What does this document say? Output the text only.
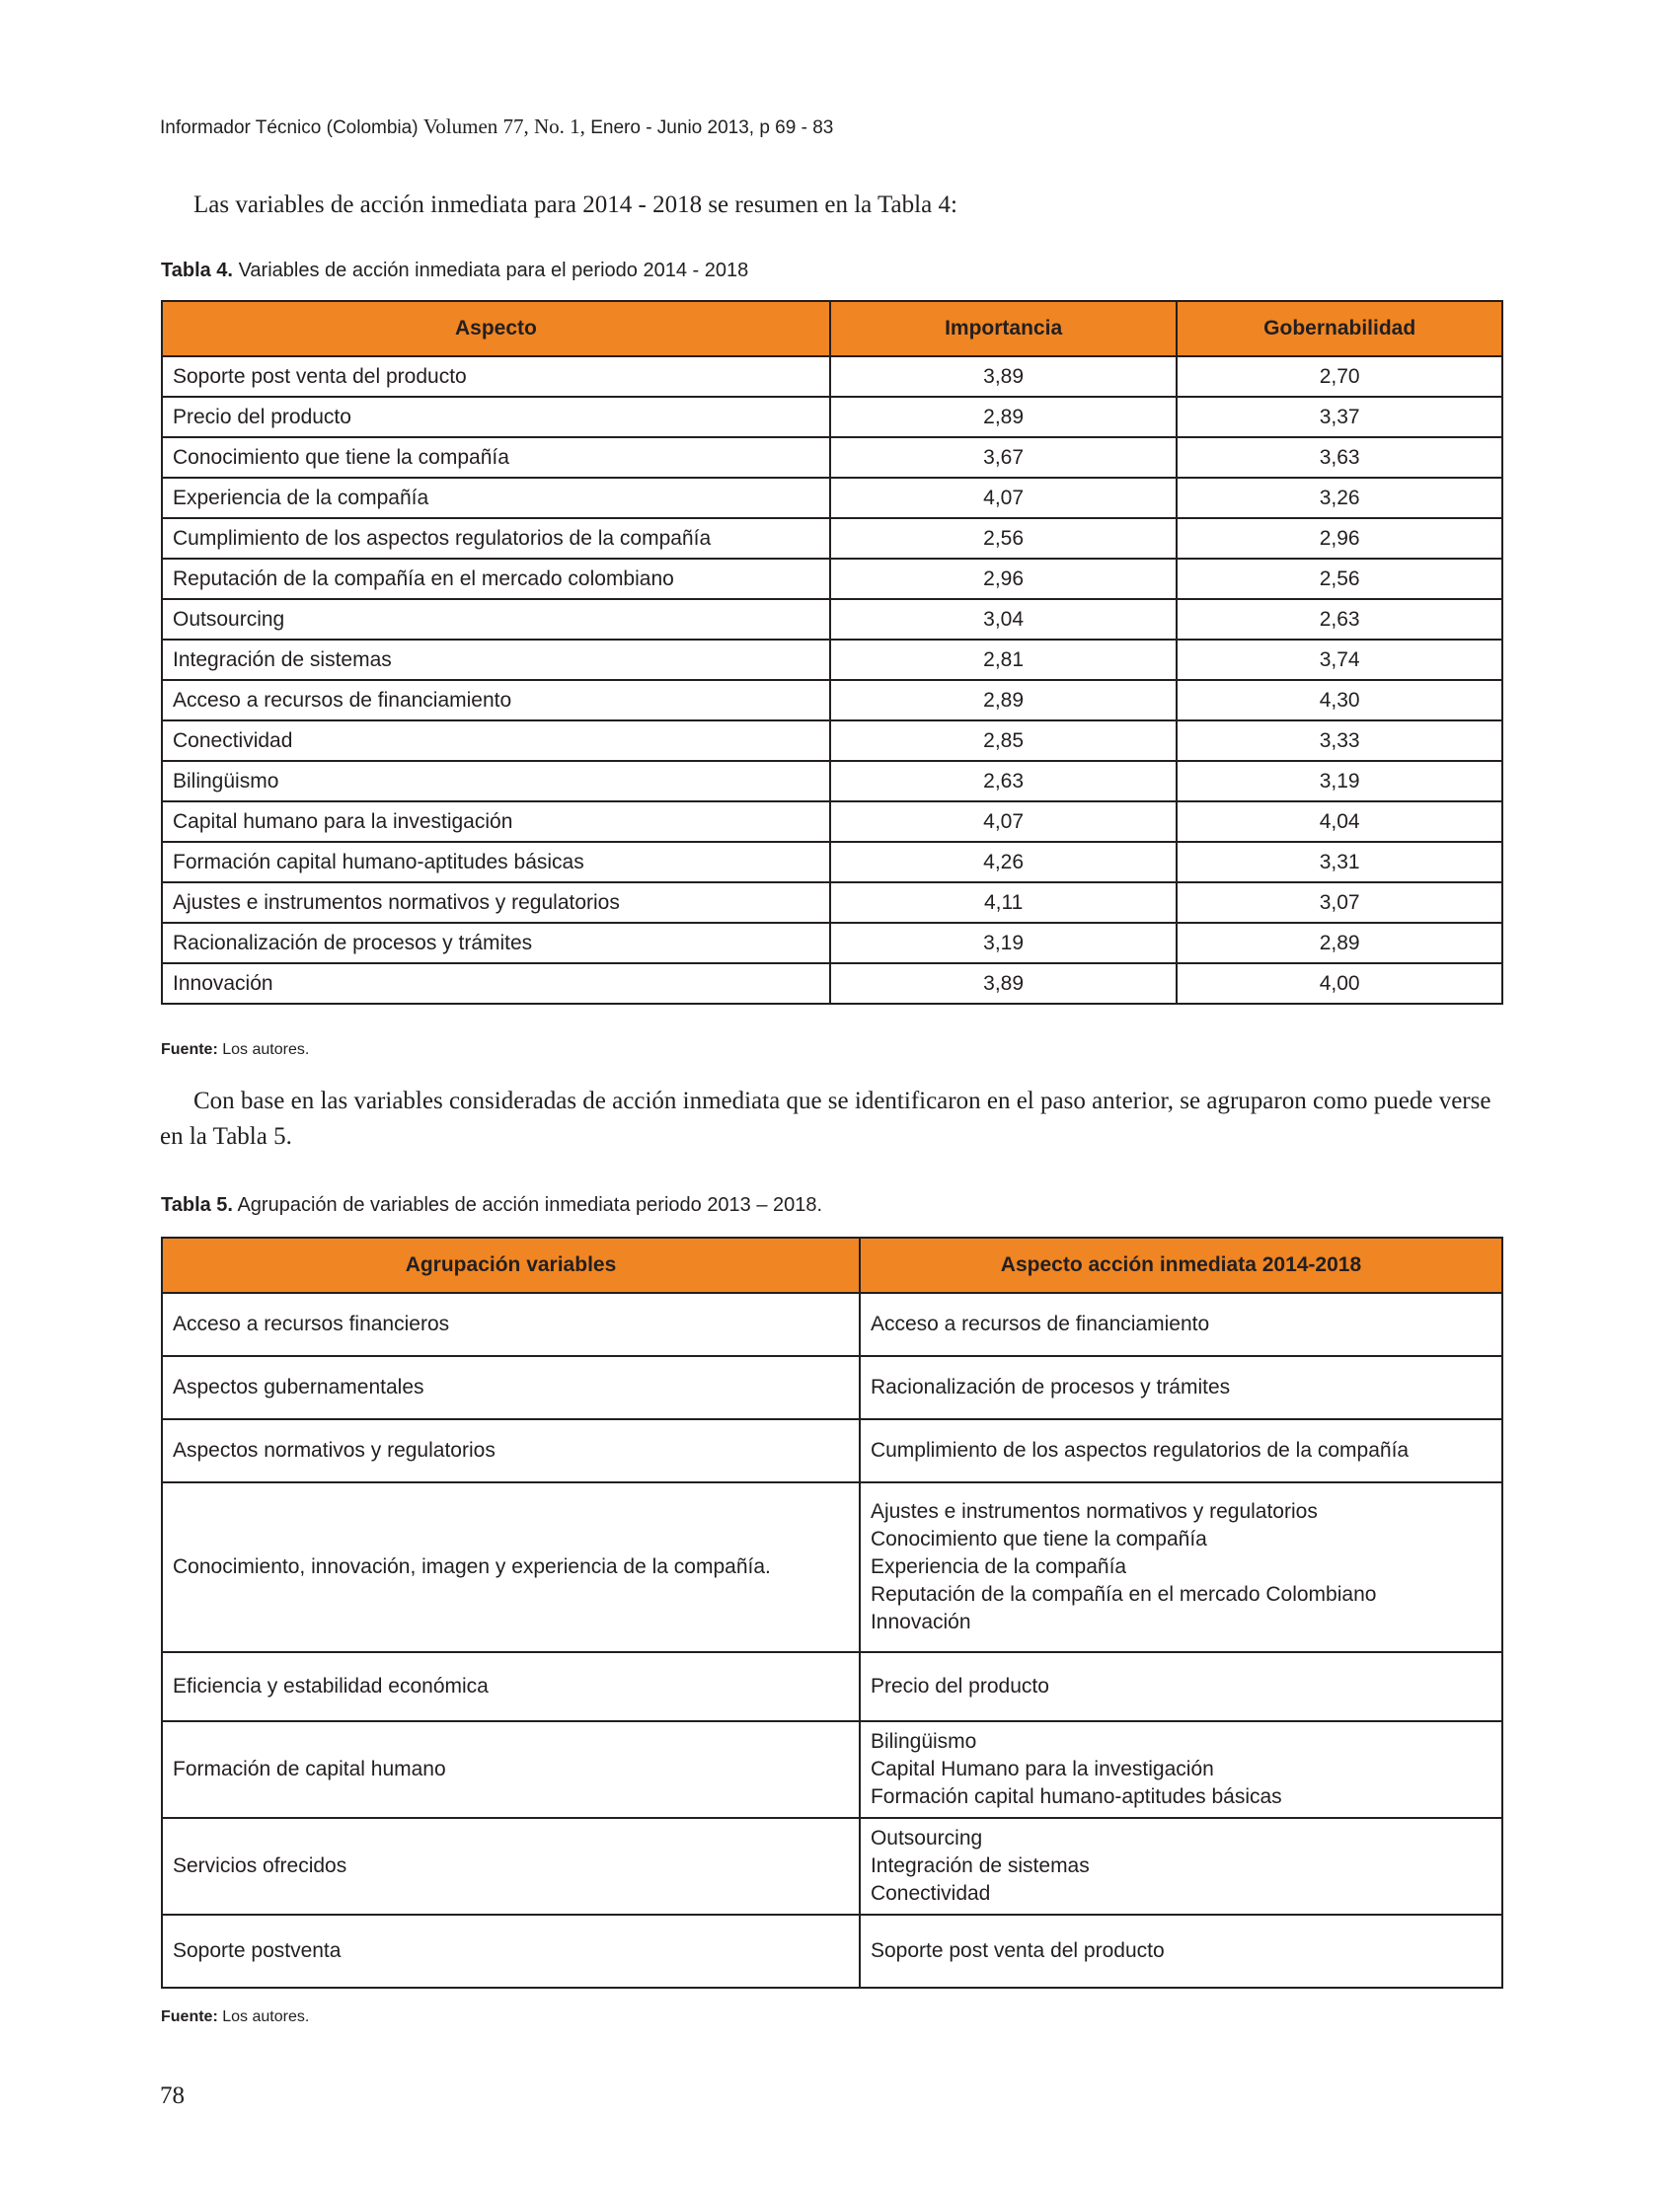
Informador Técnico (Colombia) Volumen 77, No. 1, Enero - Junio 2013, p 69 - 83

Las variables de acción inmediata para 2014 - 2018 se resumen en la Tabla 4:

Tabla 4. Variables de acción inmediata para el periodo 2014 - 2018
Aspecto	Importancia	Gobernabilidad
Soporte post venta del producto	3,89	2,70
Precio del producto	2,89	3,37
Conocimiento que tiene la compañía	3,67	3,63
Experiencia de la compañía	4,07	3,26
Cumplimiento de los aspectos regulatorios de la compañía	2,56	2,96
Reputación de la compañía en el mercado colombiano	2,96	2,56
Outsourcing	3,04	2,63
Integración de sistemas	2,81	3,74
Acceso a recursos de financiamiento	2,89	4,30
Conectividad	2,85	3,33
Bilingüismo	2,63	3,19
Capital humano para la investigación	4,07	4,04
Formación capital humano-aptitudes básicas	4,26	3,31
Ajustes e instrumentos normativos y regulatorios	4,11	3,07
Racionalización de procesos y trámites	3,19	2,89
Innovación	3,89	4,00
Fuente: Los autores.

Con base en las variables consideradas de acción inmediata que se identificaron en el paso anterior, se agruparon como puede verse en la Tabla 5.

Tabla 5. Agrupación de variables de acción inmediata periodo 2013 – 2018.
Agrupación variables	Aspecto acción inmediata 2014-2018
Acceso a recursos financieros	Acceso a recursos de financiamiento

Aspectos gubernamentales	Racionalización de procesos y trámites

Aspectos normativos y regulatorios	Cumplimiento de los aspectos regulatorios de la compañía

Conocimiento, innovación, imagen y experiencia de la compañía.	Ajustes e instrumentos normativos y regulatorios
Conocimiento que tiene la compañía
Experiencia de la compañía
Reputación de la compañía en el mercado Colombiano
Innovación

Eficiencia y estabilidad económica	Precio del producto

Formación de capital humano	Bilingüismo
Capital Humano para la investigación
Formación capital humano-aptitudes básicas

Servicios ofrecidos	Outsourcing
Integración de sistemas
Conectividad

Soporte postventa	Soporte post venta del producto
Fuente: Los autores.
78
